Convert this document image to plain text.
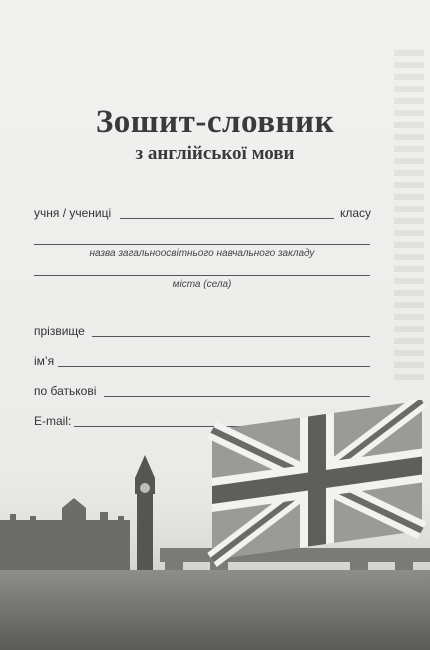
Зошит-словник
з англійської мови
учня / учениці	класу
назва загальноосвітнього навчального закладу
міста (села)
прізвище
ім’я
по батькові
E-mail:
